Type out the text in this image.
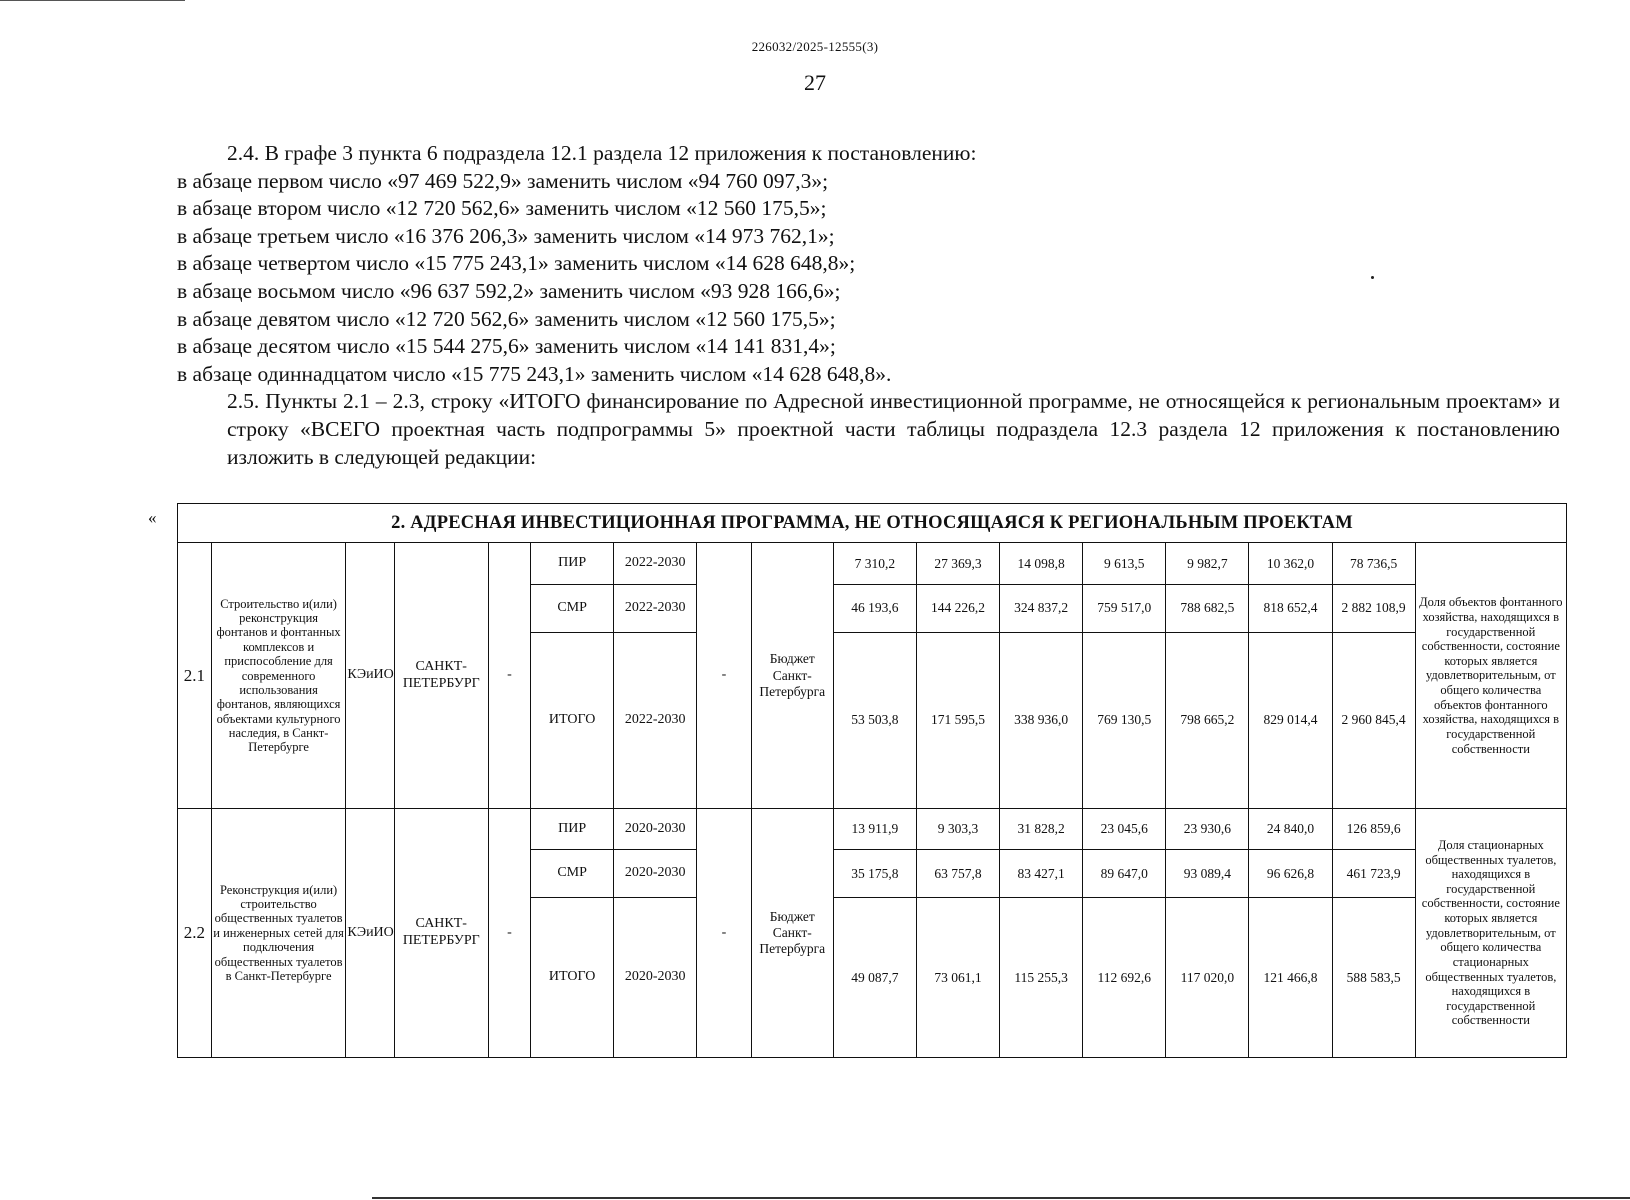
226032/2025-12555(3)
27

2.4. В графе 3 пункта 6 подраздела 12.1 раздела 12 приложения к постановлению:

в абзаце первом число «97 469 522,9» заменить числом «94 760 097,3»;

в абзаце втором число «12 720 562,6» заменить числом «12 560 175,5»;

в абзаце третьем число «16 376 206,3» заменить числом «14 973 762,1»;

в абзаце четвертом число «15 775 243,1» заменить числом «14 628 648,8»;

в абзаце восьмом число «96 637 592,2» заменить числом «93 928 166,6»;

в абзаце девятом число «12 720 562,6» заменить числом «12 560 175,5»;

в абзаце десятом число «15 544 275,6» заменить числом «14 141 831,4»;

в абзаце одиннадцатом число «15 775 243,1» заменить числом «14 628 648,8».

2.5. Пункты 2.1 – 2.3, строку «ИТОГО финансирование по Адресной инвестиционной программе, не относящейся к региональным проектам» и строку «ВСЕГО проектная часть подпрограммы 5» проектной части таблицы подраздела 12.3 раздела 12 приложения к постановлению изложить в следующей редакции:

«	2. АДРЕСНАЯ ИНВЕСТИЦИОННАЯ ПРОГРАММА, НЕ ОТНОСЯЩАЯСЯ К РЕГИОНАЛЬНЫМ ПРОЕКТАМ																
2.1	Строительство и(или) реконструкция фонтанов и фонтанных комплексов и приспособление для современного использования фонтанов, являющихся объектами культурного наследия, в Санкт-Петербурге	КЭиИО	САНКТ-ПЕТЕРБУРГ	-	ПИР	2022-2030	-	Бюджет Санкт-Петербурга	7 310,2	27 369,3	14 098,8	9 613,5	9 982,7	10 362,0	78 736,5	Доля объектов фонтанного хозяйства, находящихся в государственной собственности, состояние которых является удовлетворительным, от общего количества объектов фонтанного хозяйства, находящихся в государственной собственности
					СМР	2022-2030			46 193,6	144 226,2	324 837,2	759 517,0	788 682,5	818 652,4	2 882 108,9	
					ИТОГО	2022-2030			53 503,8	171 595,5	338 936,0	769 130,5	798 665,2	829 014,4	2 960 845,4	
2.2	Реконструкция и(или) строительство общественных туалетов и инженерных сетей для подключения общественных туалетов в Санкт-Петербурге	КЭиИО	САНКТ-ПЕТЕРБУРГ	-	ПИР	2020-2030	-	Бюджет Санкт-Петербурга	13 911,9	9 303,3	31 828,2	23 045,6	23 930,6	24 840,0	126 859,6	Доля стационарных общественных туалетов, находящихся в государственной собственности, состояние которых является удовлетворительным, от общего количества стационарных общественных туалетов, находящихся в государственной собственности
					СМР	2020-2030			35 175,8	63 757,8	83 427,1	89 647,0	93 089,4	96 626,8	461 723,9	
					ИТОГО	2020-2030			49 087,7	73 061,1	115 255,3	112 692,6	117 020,0	121 466,8	588 583,5	
